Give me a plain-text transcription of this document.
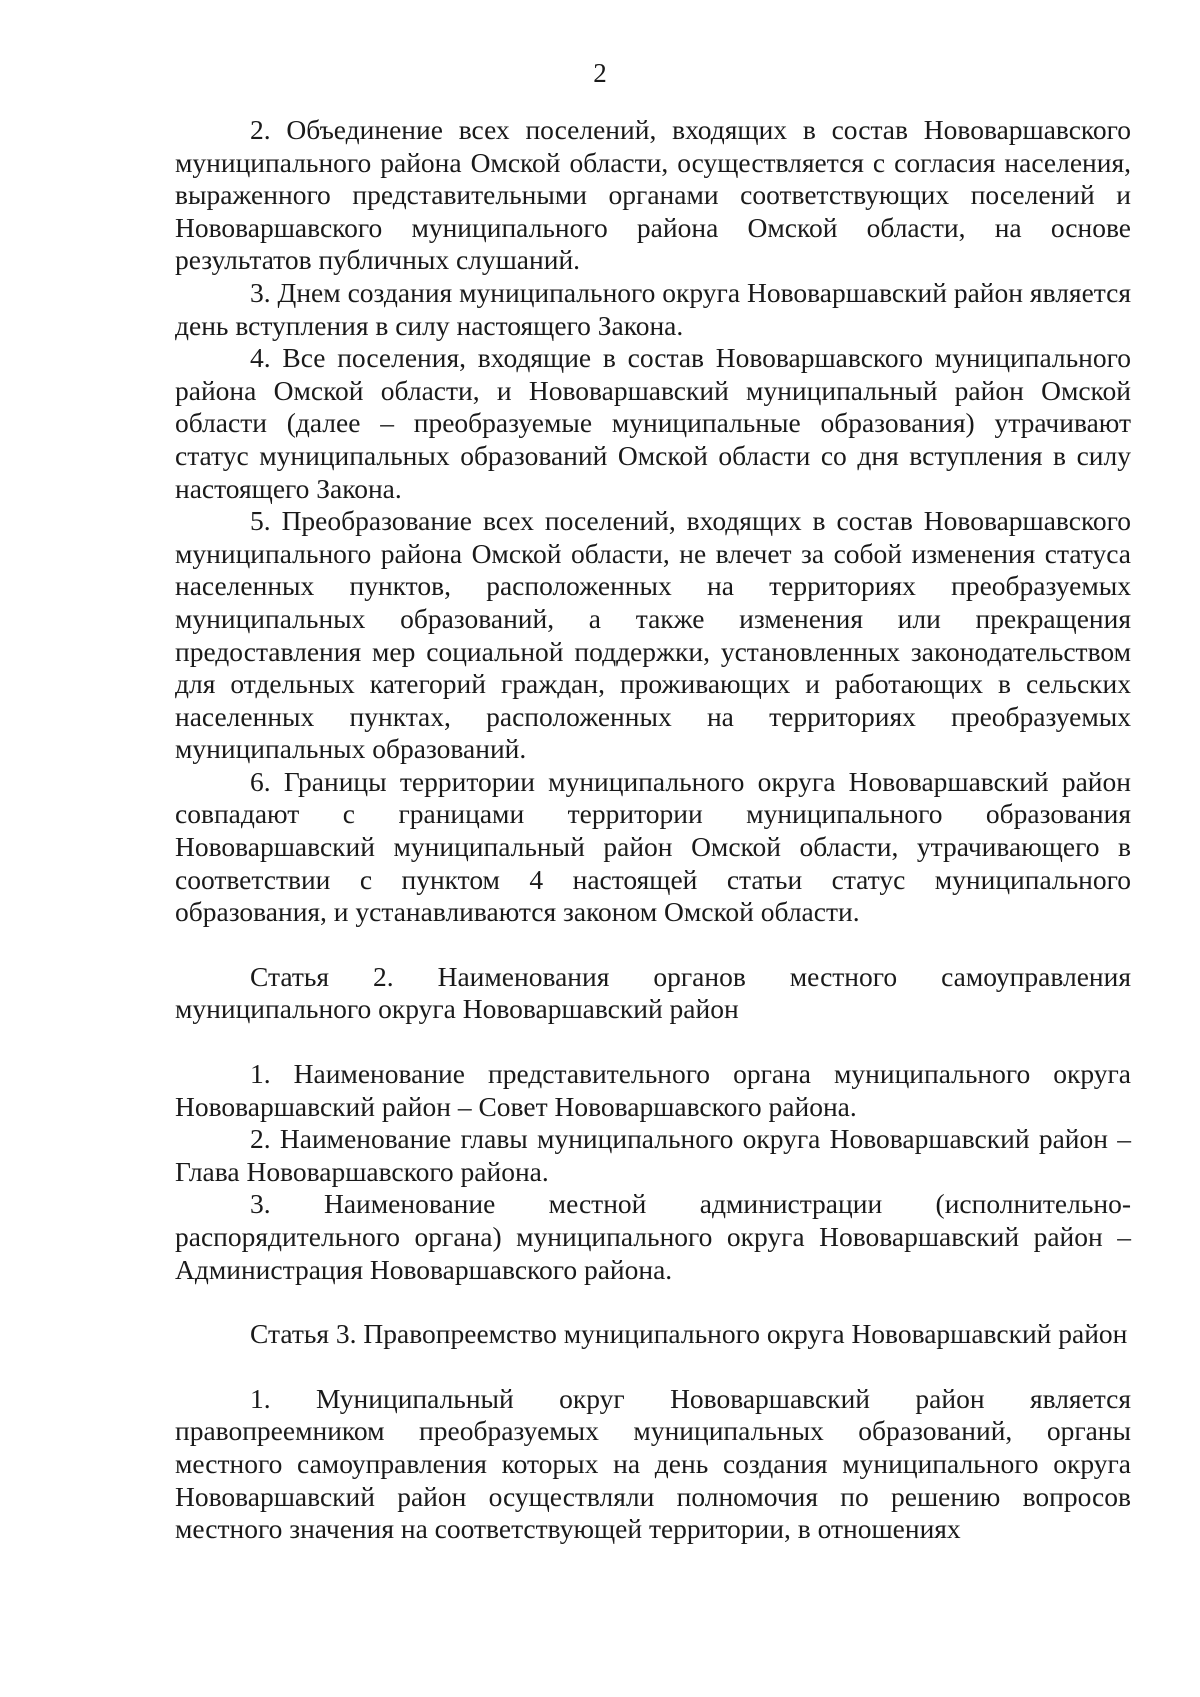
2

2. Объединение всех поселений, входящих в состав Нововаршавского муниципального района Омской области, осуществляется с согласия населения, выраженного представительными органами соответствующих поселений и Нововаршавского муниципального района Омской области, на основе результатов публичных слушаний.

3. Днем создания муниципального округа Нововаршавский район является день вступления в силу настоящего Закона.

4. Все поселения, входящие в состав Нововаршавского муниципального района Омской области, и Нововаршавский муниципальный район Омской области (далее – преобразуемые муниципальные образования) утрачивают статус муниципальных образований Омской области со дня вступления в силу настоящего Закона.

5. Преобразование всех поселений, входящих в состав Нововаршавского муниципального района Омской области, не влечет за собой изменения статуса населенных пунктов, расположенных на территориях преобразуемых муниципальных образований, а также изменения или прекращения предоставления мер социальной поддержки, установленных законодательством для отдельных категорий граждан, проживающих и работающих в сельских населенных пунктах, расположенных на территориях преобразуемых муниципальных образований.

6. Границы территории муниципального округа Нововаршавский район совпадают с границами территории муниципального образования Нововаршавский муниципальный район Омской области, утрачивающего в соответствии с пунктом 4 настоящей статьи статус муниципального образования, и устанавливаются законом Омской области.

Статья 2. Наименования органов местного самоуправления муниципального округа Нововаршавский район

1. Наименование представительного органа муниципального округа Нововаршавский район – Совет Нововаршавского района.

2. Наименование главы муниципального округа Нововаршавский район – Глава Нововаршавского района.

3. Наименование местной администрации (исполнительно-распорядительного органа) муниципального округа Нововаршавский район – Администрация Нововаршавского района.

Статья 3. Правопреемство муниципального округа Нововаршавский район

1. Муниципальный округ Нововаршавский район является правопреемником преобразуемых муниципальных образований, органы местного самоуправления которых на день создания муниципального округа Нововаршавский район осуществляли полномочия по решению вопросов местного значения на соответствующей территории, в отношениях
